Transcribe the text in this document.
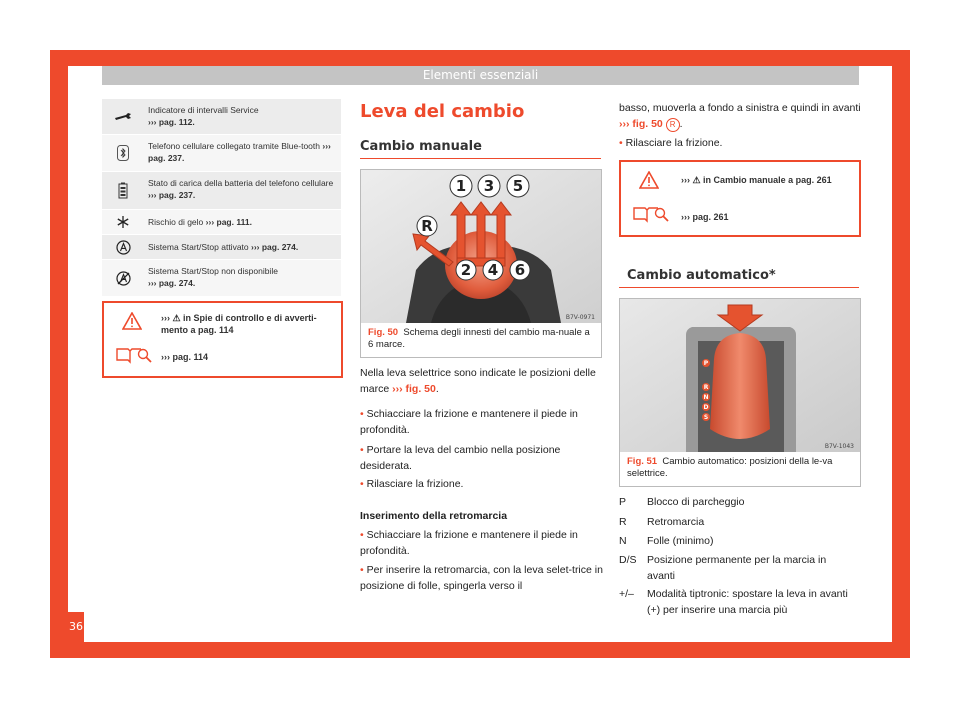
Elementi essenziali
36
Indicatore di intervalli Service
››› pag. 112.
Telefono cellulare collegato tramite Blue-tooth ››› pag. 237.
Stato di carica della batteria del telefono cellulare ››› pag. 237.
Rischio di gelo ››› pag. 111.
Sistema Start/Stop attivato ››› pag. 274.
Sistema Start/Stop non disponibile
››› pag. 274.
››› ⚠ in Spie di controllo e di avverti-
mento a pag. 114
››› pag. 114
Leva del cambio
Cambio manuale
1 3 5
2 4 6
R
B7V-0971
Fig. 50 Schema degli innesti del cambio ma-nuale a 6 marce.
Nella leva selettrice sono indicate le posizioni delle marce ››› fig. 50.
• Schiacciare la frizione e mantenere il piede in profondità.
• Portare la leva del cambio nella posizione desiderata.
• Rilasciare la frizione.
Inserimento della retromarcia
• Schiacciare la frizione e mantenere il piede in profondità.
• Per inserire la retromarcia, con la leva selet-trice in posizione di folle, spingerla verso il
basso, muoverla a fondo a sinistra e quindi in avanti ››› fig. 50 R .
• Rilasciare la frizione.
››› ⚠ in Cambio manuale a pag. 261
››› pag. 261
Cambio automatico*
P
R
N
D
S
B7V-1043
Fig. 51 Cambio automatico: posizioni della le-va selettrice.
P	Blocco di parcheggio
R	Retromarcia
N	Folle (minimo)
D/S Posizione permanente per la marcia in avanti
+/–	Modalità tiptronic: spostare la leva in avanti (+) per inserire una marcia più
